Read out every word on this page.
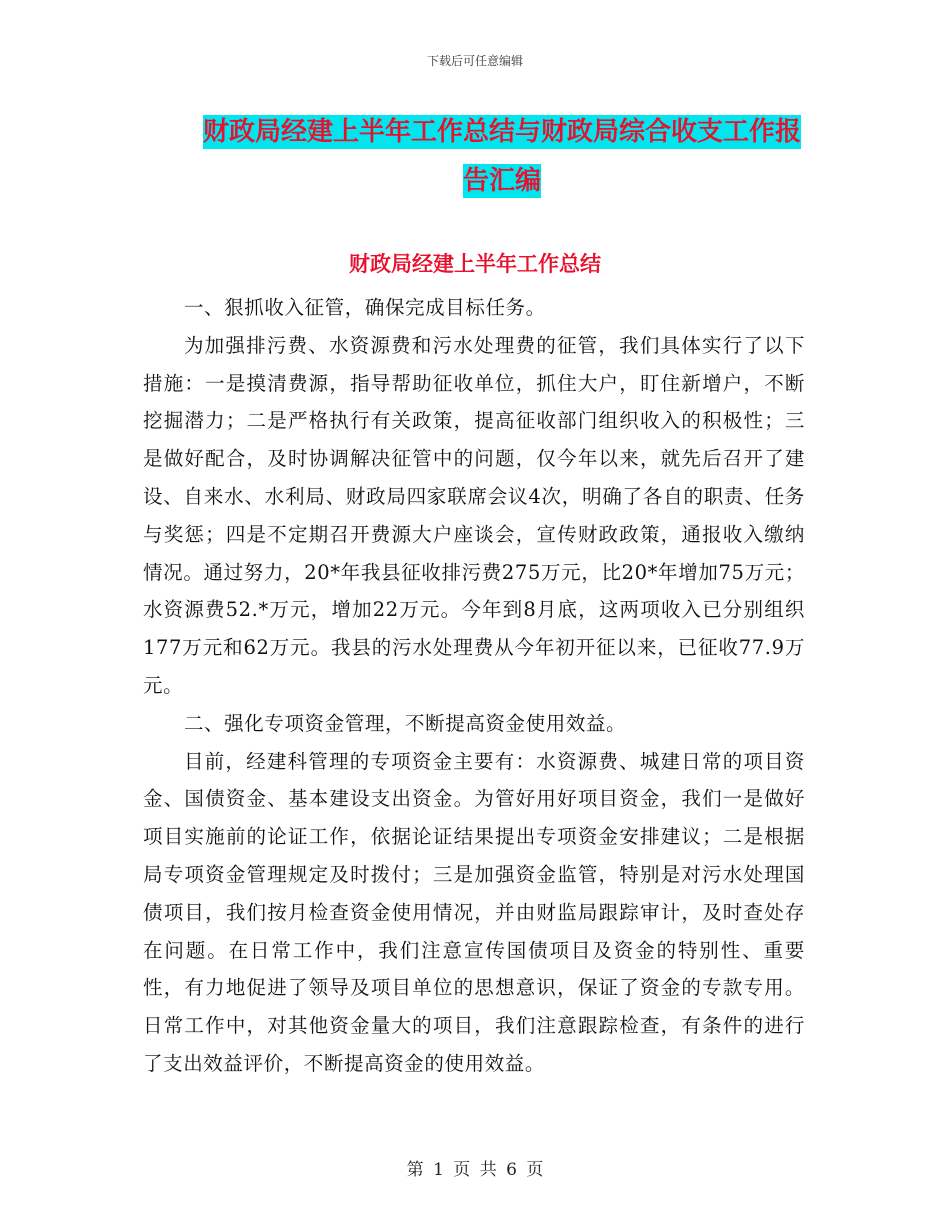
下载后可任意编辑
财政局经建上半年工作总结与财政局综合收支工作报
告汇编
财政局经建上半年工作总结

一、狠抓收入征管，确保完成目标任务。

为加强排污费、水资源费和污水处理费的征管，我们具体实行了以下措施：一是摸清费源，指导帮助征收单位，抓住大户，盯住新增户，不断挖掘潜力；二是严格执行有关政策，提高征收部门组织收入的积极性；三是做好配合，及时协调解决征管中的问题，仅今年以来，就先后召开了建设、自来水、水利局、财政局四家联席会议4次，明确了各自的职责、任务与奖惩；四是不定期召开费源大户座谈会，宣传财政政策，通报收入缴纳情况。通过努力，20*年我县征收排污费275万元，比20*年增加75万元；水资源费52.*万元，增加22万元。今年到8月底，这两项收入已分别组织177万元和62万元。我县的污水处理费从今年初开征以来，已征收77.9万元。

二、强化专项资金管理，不断提高资金使用效益。

目前，经建科管理的专项资金主要有：水资源费、城建日常的项目资金、国债资金、基本建设支出资金。为管好用好项目资金，我们一是做好项目实施前的论证工作，依据论证结果提出专项资金安排建议；二是根据局专项资金管理规定及时拨付；三是加强资金监管，特别是对污水处理国债项目，我们按月检查资金使用情况，并由财监局跟踪审计，及时查处存在问题。在日常工作中，我们注意宣传国债项目及资金的特别性、重要性，有力地促进了领导及项目单位的思想意识，保证了资金的专款专用。日常工作中，对其他资金量大的项目，我们注意跟踪检查，有条件的进行了支出效益评价，不断提高资金的使用效益。

第 1 页 共 6 页
